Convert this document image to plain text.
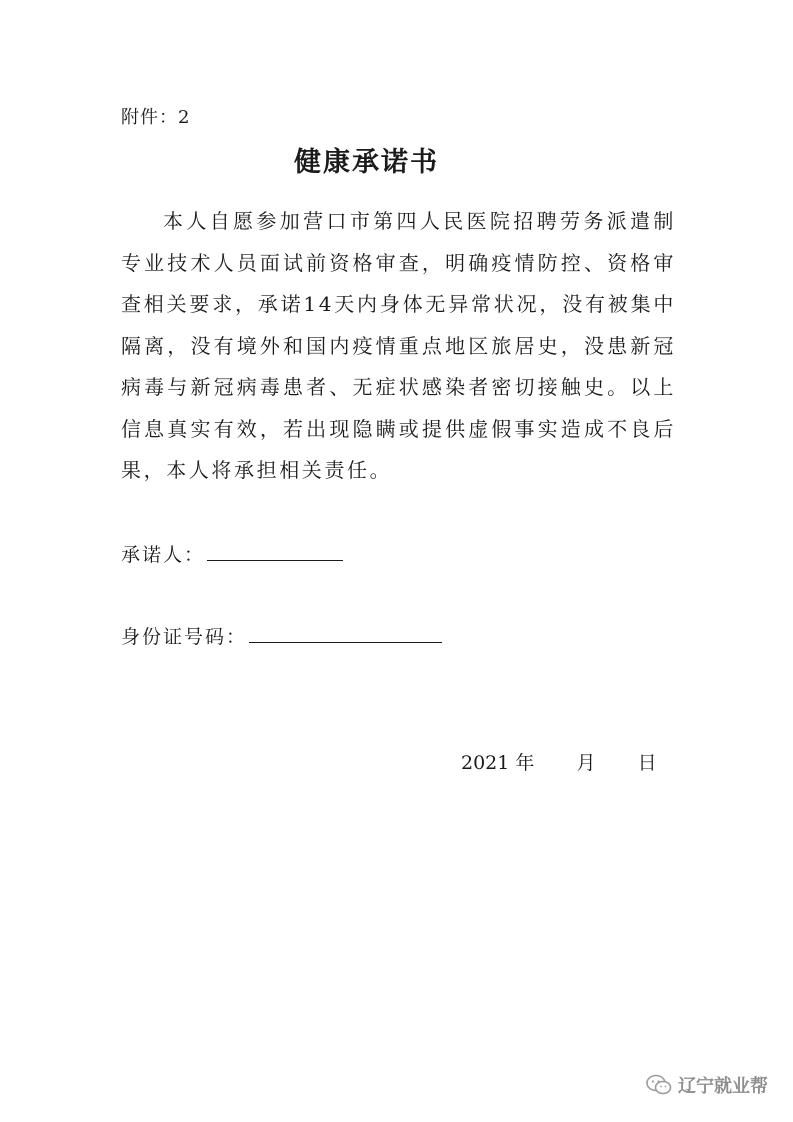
附件：2
健康承诺书
本人自愿参加营口市第四人民医院招聘劳务派遣制专业技术人员面试前资格审查，明确疫情防控、资格审查相关要求，承诺14天内身体无异常状况，没有被集中隔离，没有境外和国内疫情重点地区旅居史，没患新冠病毒与新冠病毒患者、无症状感染者密切接触史。以上信息真实有效，若出现隐瞒或提供虚假事实造成不良后果，本人将承担相关责任。
承诺人：
身份证号码：
2021 年 月 日
辽宁就业帮
